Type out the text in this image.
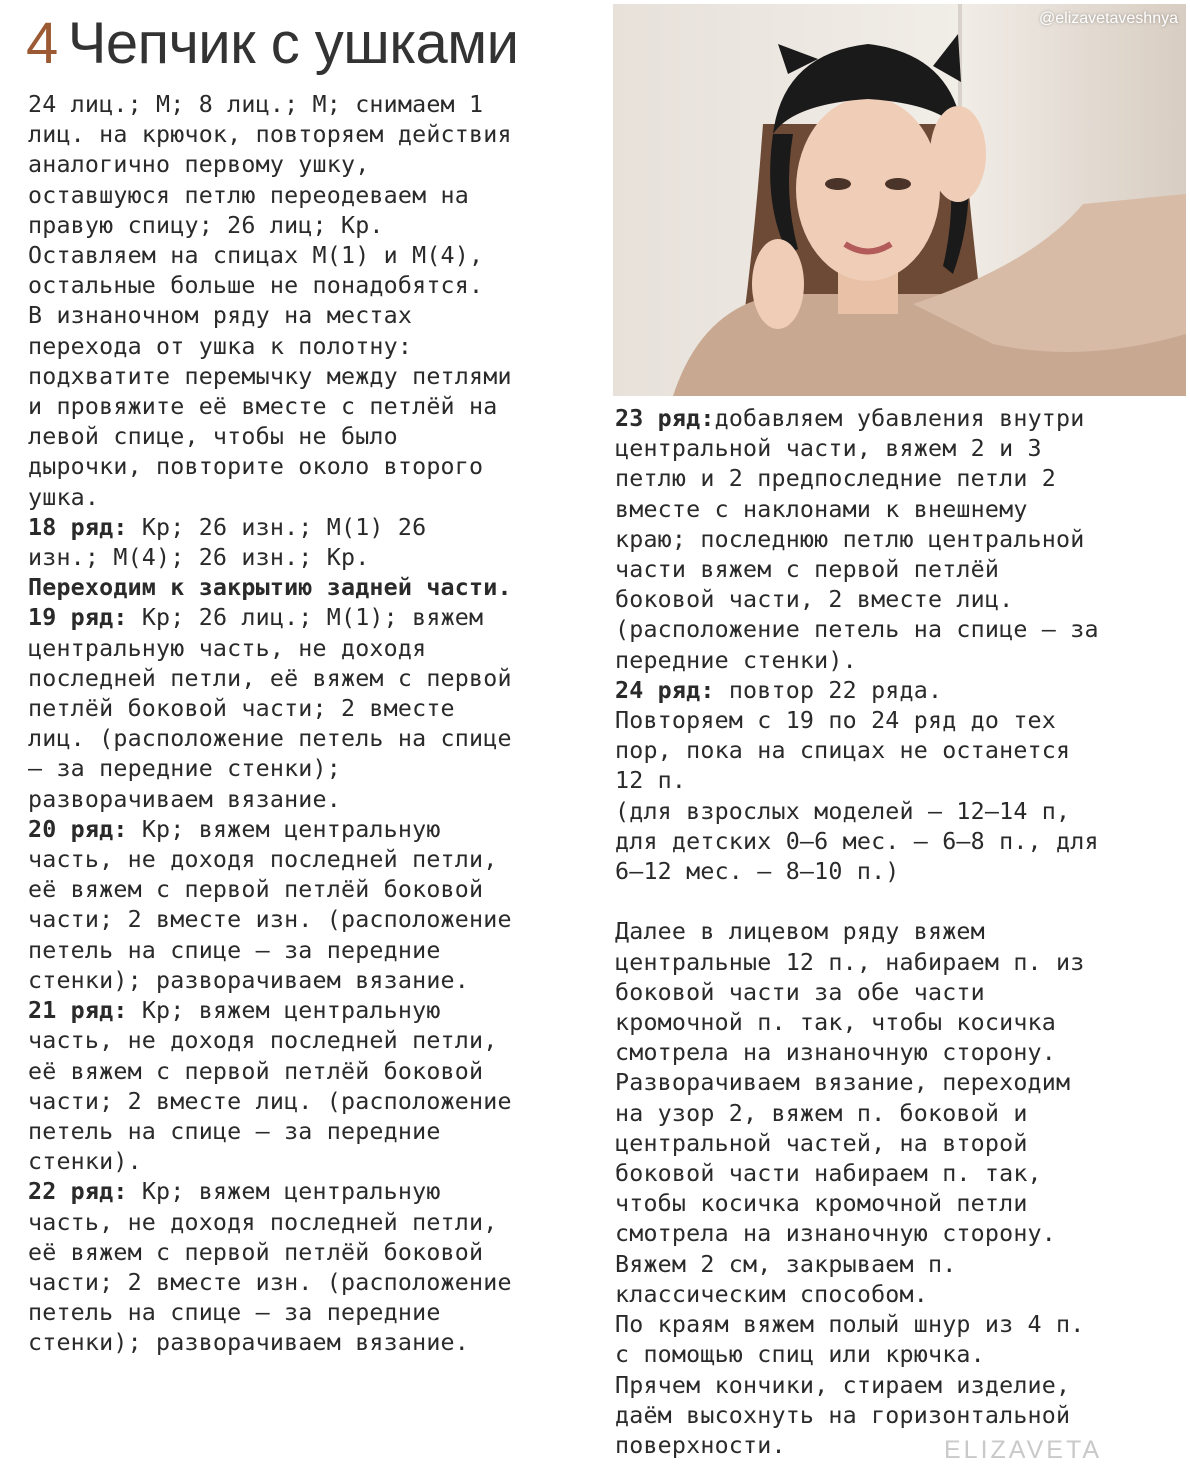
4 Чепчик с ушками	@elizavetaveshnya
24 лиц.; М; 8 лиц.; М; снимаем 1
лиц. на крючок, повторяем действия
аналогично первому ушку,
оставшуюся петлю переодеваем на
правую спицу; 26 лиц; Кр.
Оставляем на спицах М(1) и М(4),
остальные больше не понадобятся.
В изнаночном ряду на местах
перехода от ушка к полотну:
подхватите перемычку между петлями
и провяжите её вместе с петлёй на
левой спице, чтобы не было
дырочки, повторите около второго
ушка.
18 ряд: Кр; 26 изн.; М(1) 26
изн.; М(4); 26 изн.; Кр.
Переходим к закрытию задней части.
19 ряд: Кр; 26 лиц.; М(1); вяжем
центральную часть, не доходя
последней петли, её вяжем с первой
петлёй боковой части; 2 вместе
лиц. (расположение петель на спице
– за передние стенки);
разворачиваем вязание.
20 ряд: Кр; вяжем центральную
часть, не доходя последней петли,
её вяжем с первой петлёй боковой
части; 2 вместе изн. (расположение
петель на спице – за передние
стенки); разворачиваем вязание.
21 ряд: Кр; вяжем центральную
часть, не доходя последней петли,
её вяжем с первой петлёй боковой
части; 2 вместе лиц. (расположение
петель на спице – за передние
стенки).
22 ряд: Кр; вяжем центральную
часть, не доходя последней петли,
её вяжем с первой петлёй боковой
части; 2 вместе изн. (расположение
петель на спице – за передние
стенки); разворачиваем вязание.
23 ряд:добавляем убавления внутри
центральной части, вяжем 2 и 3
петлю и 2 предпоследние петли 2
вместе с наклонами к внешнему
краю; последнюю петлю центральной
части вяжем с первой петлёй
боковой части, 2 вместе лиц.
(расположение петель на спице – за
передние стенки).
24 ряд: повтор 22 ряда.
Повторяем с 19 по 24 ряд до тех
пор, пока на спицах не останется
12 п.
(для взрослых моделей – 12–14 п,
для детских 0–6 мес. – 6–8 п., для
6–12 мес. – 8–10 п.)

Далее в лицевом ряду вяжем
центральные 12 п., набираем п. из
боковой части за обе части
кромочной п. так, чтобы косичка
смотрела на изнаночную сторону.
Разворачиваем вязание, переходим
на узор 2, вяжем п. боковой и
центральной частей, на второй
боковой части набираем п. так,
чтобы косичка кромочной петли
смотрела на изнаночную сторону.
Вяжем 2 см, закрываем п.
классическим способом.
По краям вяжем полый шнур из 4 п.
с помощью спиц или крючка.
Прячем кончики, стираем изделие,
даём высохнуть на горизонтальной
поверхности.	ELIZAVETA
